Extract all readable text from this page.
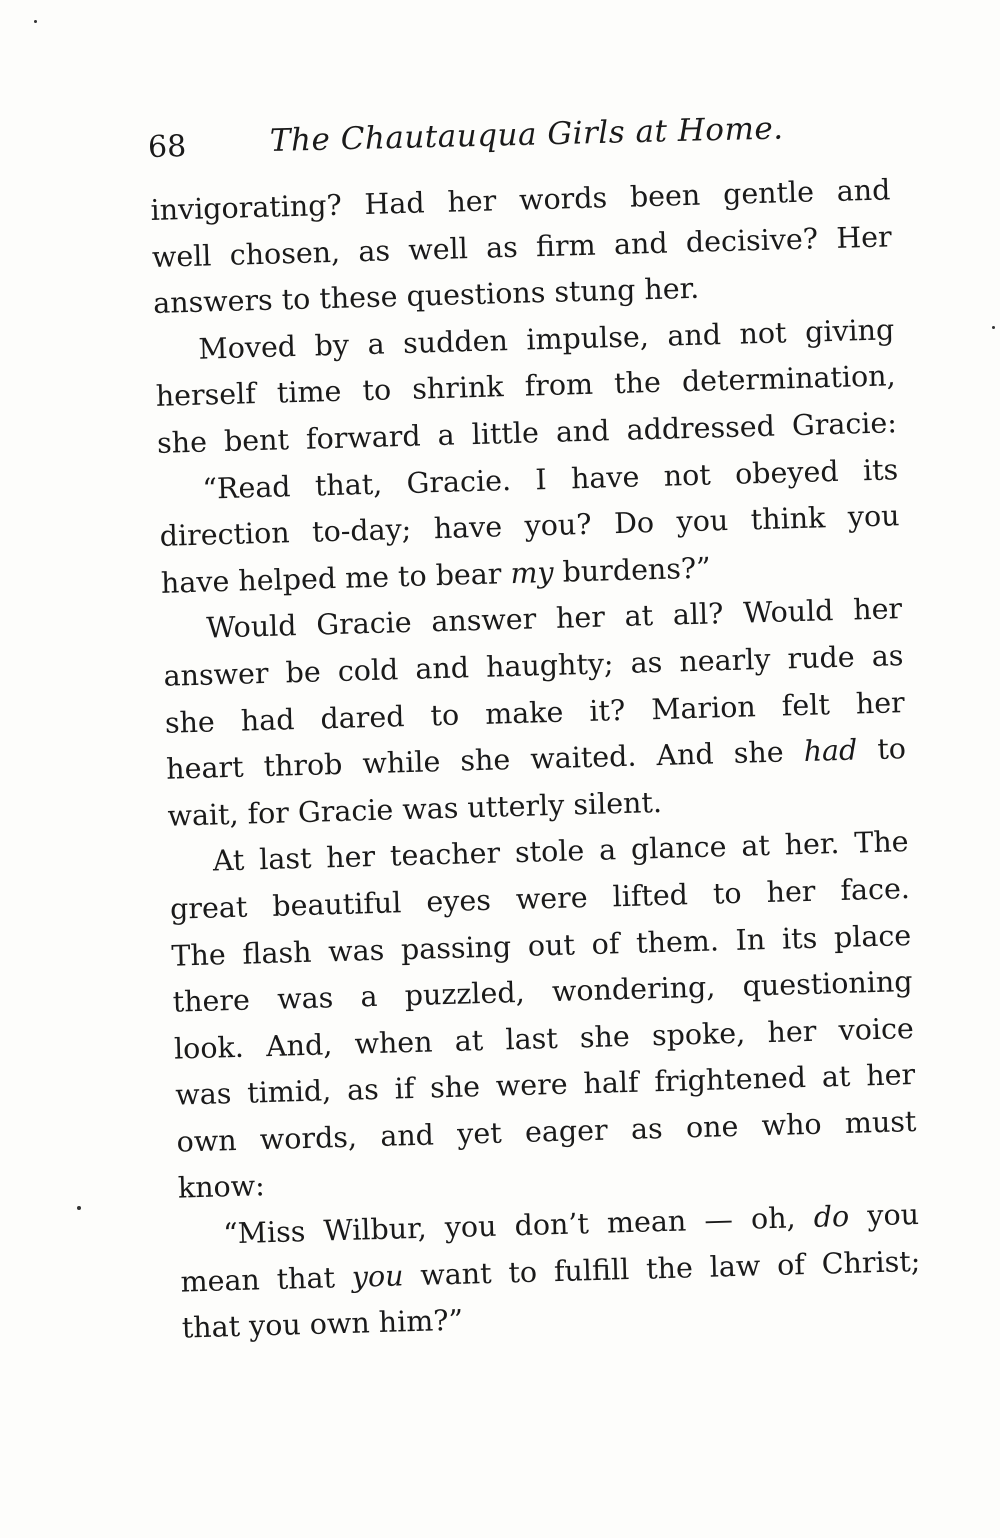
68	The Chautauqua Girls at Home.
invigorating? Had her words been gentle and
well chosen, as well as firm and decisive? Her
answers to these questions stung her.
Moved by a sudden impulse, and not giving
herself time to shrink from the determination,
she bent forward a little and addressed Gracie:
“Read that, Gracie. I have not obeyed its
direction to-day; have you? Do you think you
have helped me to bear my burdens?”
Would Gracie answer her at all? Would her
answer be cold and haughty; as nearly rude as
she had dared to make it? Marion felt her
heart throb while she waited. And she had to
wait, for Gracie was utterly silent.
At last her teacher stole a glance at her. The
great beautiful eyes were lifted to her face.
The flash was passing out of them. In its place
there was a puzzled, wondering, questioning
look. And, when at last she spoke, her voice
was timid, as if she were half frightened at her
own words, and yet eager as one who must
know:
“Miss Wilbur, you don’t mean — oh, do you
mean that you want to fulfill the law of Christ;
that you own him?”
